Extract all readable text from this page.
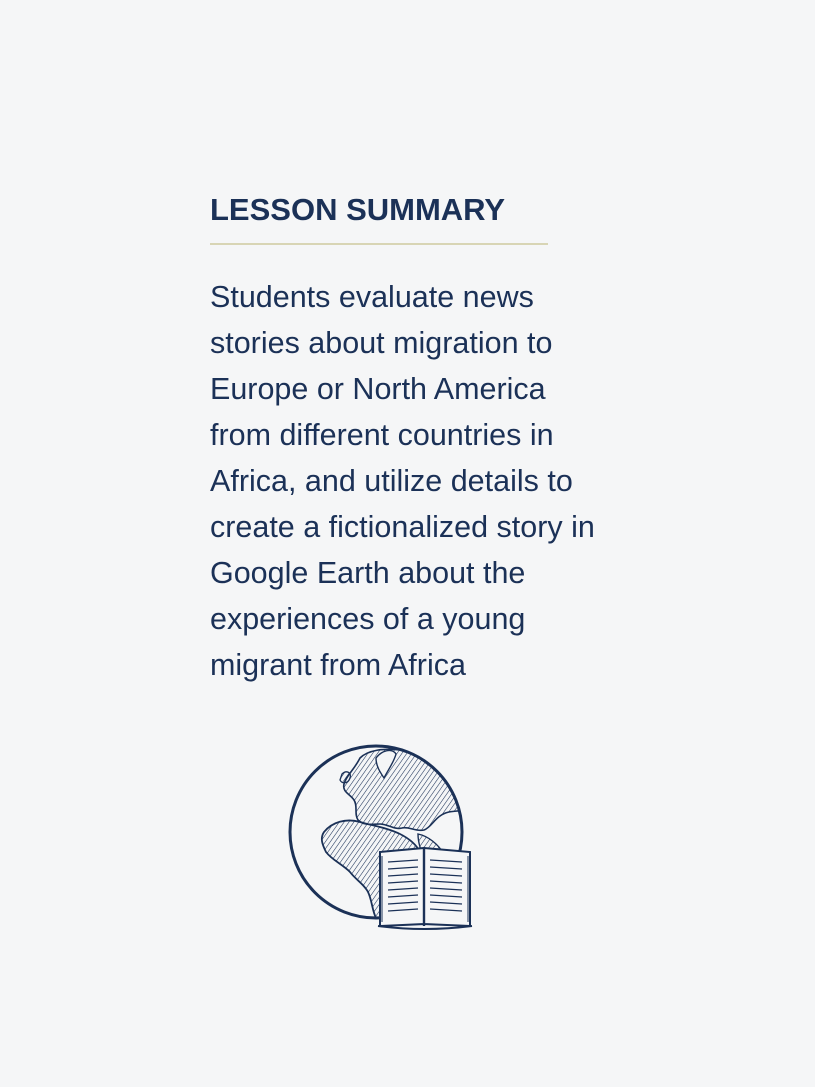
LESSON SUMMARY

Students evaluate news stories about migration to Europe or North America from different countries in Africa, and utilize details to create a fictionalized story in Google Earth about the experiences of a young migrant from Africa
